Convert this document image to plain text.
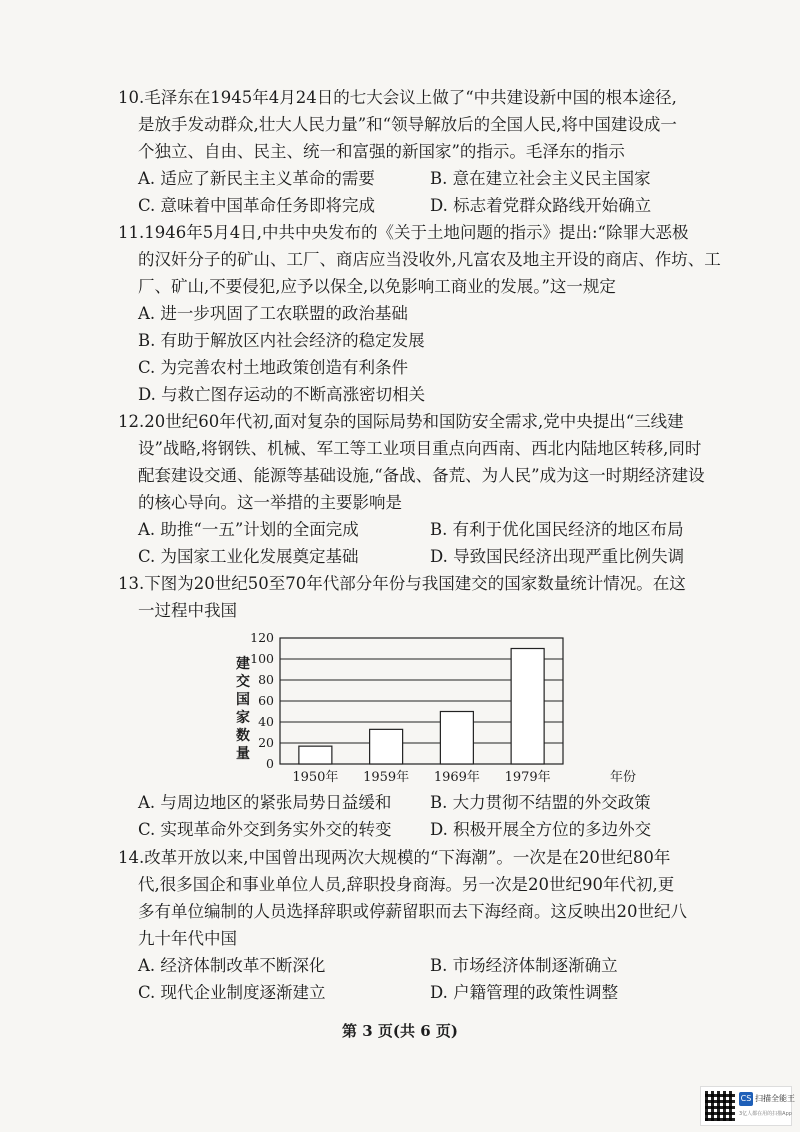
10.毛泽东在1945年4月24日的七大会议上做了“中共建设新中国的根本途径,
是放手发动群众,壮大人民力量”和“领导解放后的全国人民,将中国建设成一
个独立、自由、民主、统一和富强的新国家”的指示。毛泽东的指示
A. 适应了新民主主义革命的需要	B. 意在建立社会主义民主国家
C. 意味着中国革命任务即将完成	D. 标志着党群众路线开始确立
11.1946年5月4日,中共中央发布的《关于土地问题的指示》提出:“除罪大恶极
的汉奸分子的矿山、工厂、商店应当没收外,凡富农及地主开设的商店、作坊、工
厂、矿山,不要侵犯,应予以保全,以免影响工商业的发展。”这一规定
A. 进一步巩固了工农联盟的政治基础
B. 有助于解放区内社会经济的稳定发展
C. 为完善农村土地政策创造有利条件
D. 与救亡图存运动的不断高涨密切相关
12.20世纪60年代初,面对复杂的国际局势和国防安全需求,党中央提出“三线建
设”战略,将钢铁、机械、军工等工业项目重点向西南、西北内陆地区转移,同时
配套建设交通、能源等基础设施,“备战、备荒、为人民”成为这一时期经济建设
的核心导向。这一举措的主要影响是
A. 助推“一五”计划的全面完成	B. 有利于优化国民经济的地区布局
C. 为国家工业化发展奠定基础	D. 导致国民经济出现严重比例失调
13.下图为20世纪50至70年代部分年份与我国建交的国家数量统计情况。在这
一过程中我国
建
交
国
家
数
量
0
20
40
60
80
100
120
1950年 1959年 1969年 1979年	年份
A. 与周边地区的紧张局势日益缓和 B. 大力贯彻不结盟的外交政策
C. 实现革命外交到务实外交的转变 D. 积极开展全方位的多边外交
14.改革开放以来,中国曾出现两次大规模的“下海潮”。一次是在20世纪80年
代,很多国企和事业单位人员,辞职投身商海。另一次是20世纪90年代初,更
多有单位编制的人员选择辞职或停薪留职而去下海经商。这反映出20世纪八
九十年代中国
A. 经济体制改革不断深化	B. 市场经济体制逐渐确立
C. 现代企业制度逐渐建立	D. 户籍管理的政策性调整
第 3 页(共 6 页)
CS 扫描全能王
3亿人都在用的扫描App
